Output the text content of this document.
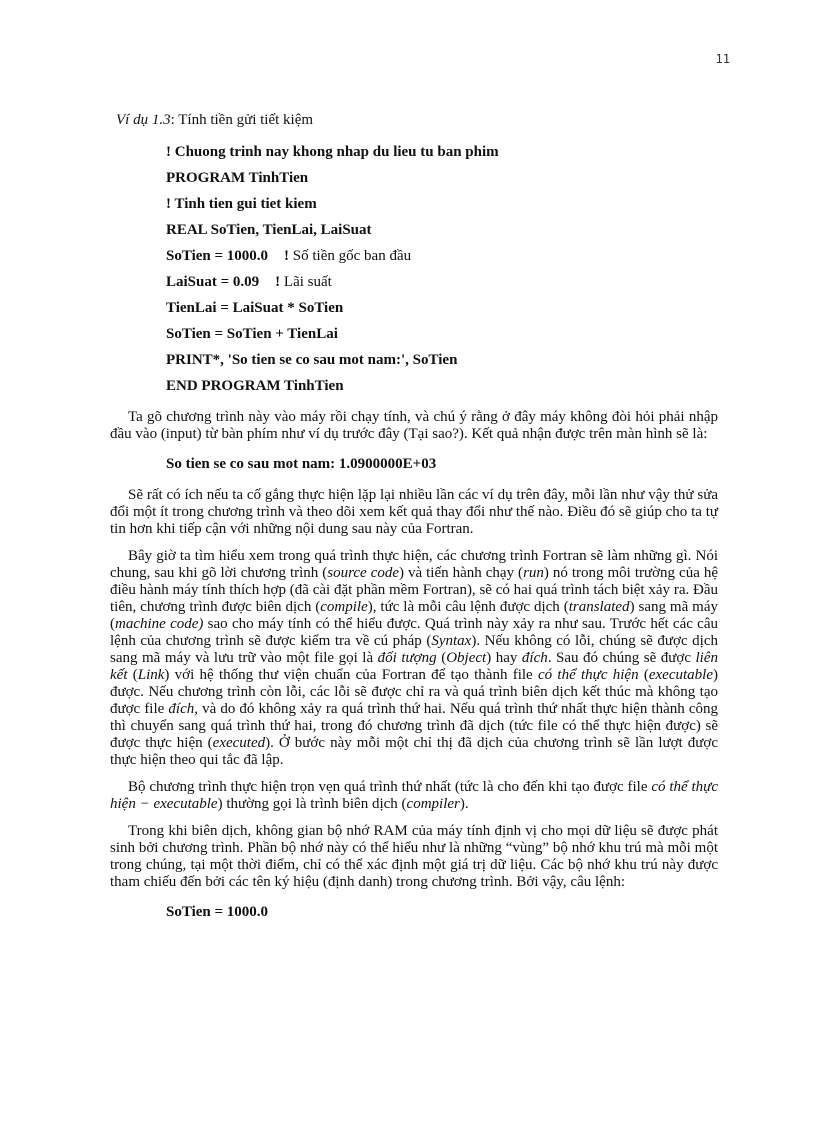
11

Ví dụ 1.3: Tính tiền gửi tiết kiệm

! Chuong trinh nay khong nhap du lieu tu ban phim
PROGRAM TinhTien
! Tinh tien gui tiet kiem
REAL SoTien, TienLai, LaiSuat
SoTien = 1000.0 ! Số tiền gốc ban đầu
LaiSuat = 0.09 ! Lãi suất
TienLai = LaiSuat * SoTien
SoTien = SoTien + TienLai
PRINT*, 'So tien se co sau mot nam:', SoTien
END PROGRAM TinhTien

Ta gõ chương trình này vào máy rồi chạy tính, và chú ý rằng ở đây máy không đòi hỏi phải nhập đầu vào (input) từ bàn phím như ví dụ trước đây (Tại sao?). Kết quả nhận được trên màn hình sẽ là:

So tien se co sau mot nam: 1.0900000E+03

Sẽ rất có ích nếu ta cố gắng thực hiện lặp lại nhiều lần các ví dụ trên đây, mỗi lần như vậy thử sửa đổi một ít trong chương trình và theo dõi xem kết quả thay đổi như thế nào. Điều đó sẽ giúp cho ta tự tin hơn khi tiếp cận với những nội dung sau này của Fortran.

Bây giờ ta tìm hiểu xem trong quá trình thực hiện, các chương trình Fortran sẽ làm những gì. Nói chung, sau khi gõ lời chương trình (source code) và tiến hành chạy (run) nó trong môi trường của hệ điều hành máy tính thích hợp (đã cài đặt phần mềm Fortran), sẽ có hai quá trình tách biệt xảy ra. Đầu tiên, chương trình được biên dịch (compile), tức là mỗi câu lệnh được dịch (translated) sang mã máy (machine code) sao cho máy tính có thể hiểu được. Quá trình này xảy ra như sau. Trước hết các câu lệnh của chương trình sẽ được kiểm tra về cú pháp (Syntax). Nếu không có lỗi, chúng sẽ được dịch sang mã máy và lưu trữ vào một file gọi là đối tượng (Object) hay đích. Sau đó chúng sẽ được liên kết (Link) với hệ thống thư viện chuẩn của Fortran để tạo thành file có thể thực hiện (executable) được. Nếu chương trình còn lỗi, các lỗi sẽ được chỉ ra và quá trình biên dịch kết thúc mà không tạo được file đích, và do đó không xảy ra quá trình thứ hai. Nếu quá trình thứ nhất thực hiện thành công thì chuyển sang quá trình thứ hai, trong đó chương trình đã dịch (tức file có thể thực hiện được) sẽ được thực hiện (executed). Ở bước này mỗi một chỉ thị đã dịch của chương trình sẽ lần lượt được thực hiện theo qui tắc đã lập.

Bộ chương trình thực hiện trọn vẹn quá trình thứ nhất (tức là cho đến khi tạo được file có thể thực hiện − executable) thường gọi là trình biên dịch (compiler).

Trong khi biên dịch, không gian bộ nhớ RAM của máy tính định vị cho mọi dữ liệu sẽ được phát sinh bởi chương trình. Phần bộ nhớ này có thể hiểu như là những “vùng” bộ nhớ khu trú mà mỗi một trong chúng, tại một thời điểm, chỉ có thể xác định một giá trị dữ liệu. Các bộ nhớ khu trú này được tham chiếu đến bởi các tên ký hiệu (định danh) trong chương trình. Bởi vậy, câu lệnh:

SoTien = 1000.0
